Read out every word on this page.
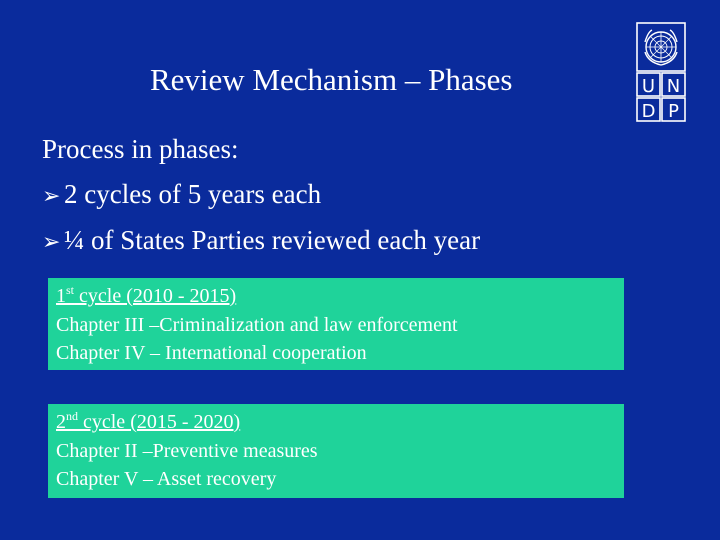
Review Mechanism – Phases	U N
D P
Process in phases:
➢ 2 cycles of 5 years each
➢ ¼ of States Parties reviewed each year
1st cycle (2010 - 2015)
Chapter III –Criminalization and law enforcement
Chapter IV – International cooperation
2nd cycle (2015 - 2020)
Chapter II –Preventive measures
Chapter V – Asset recovery
